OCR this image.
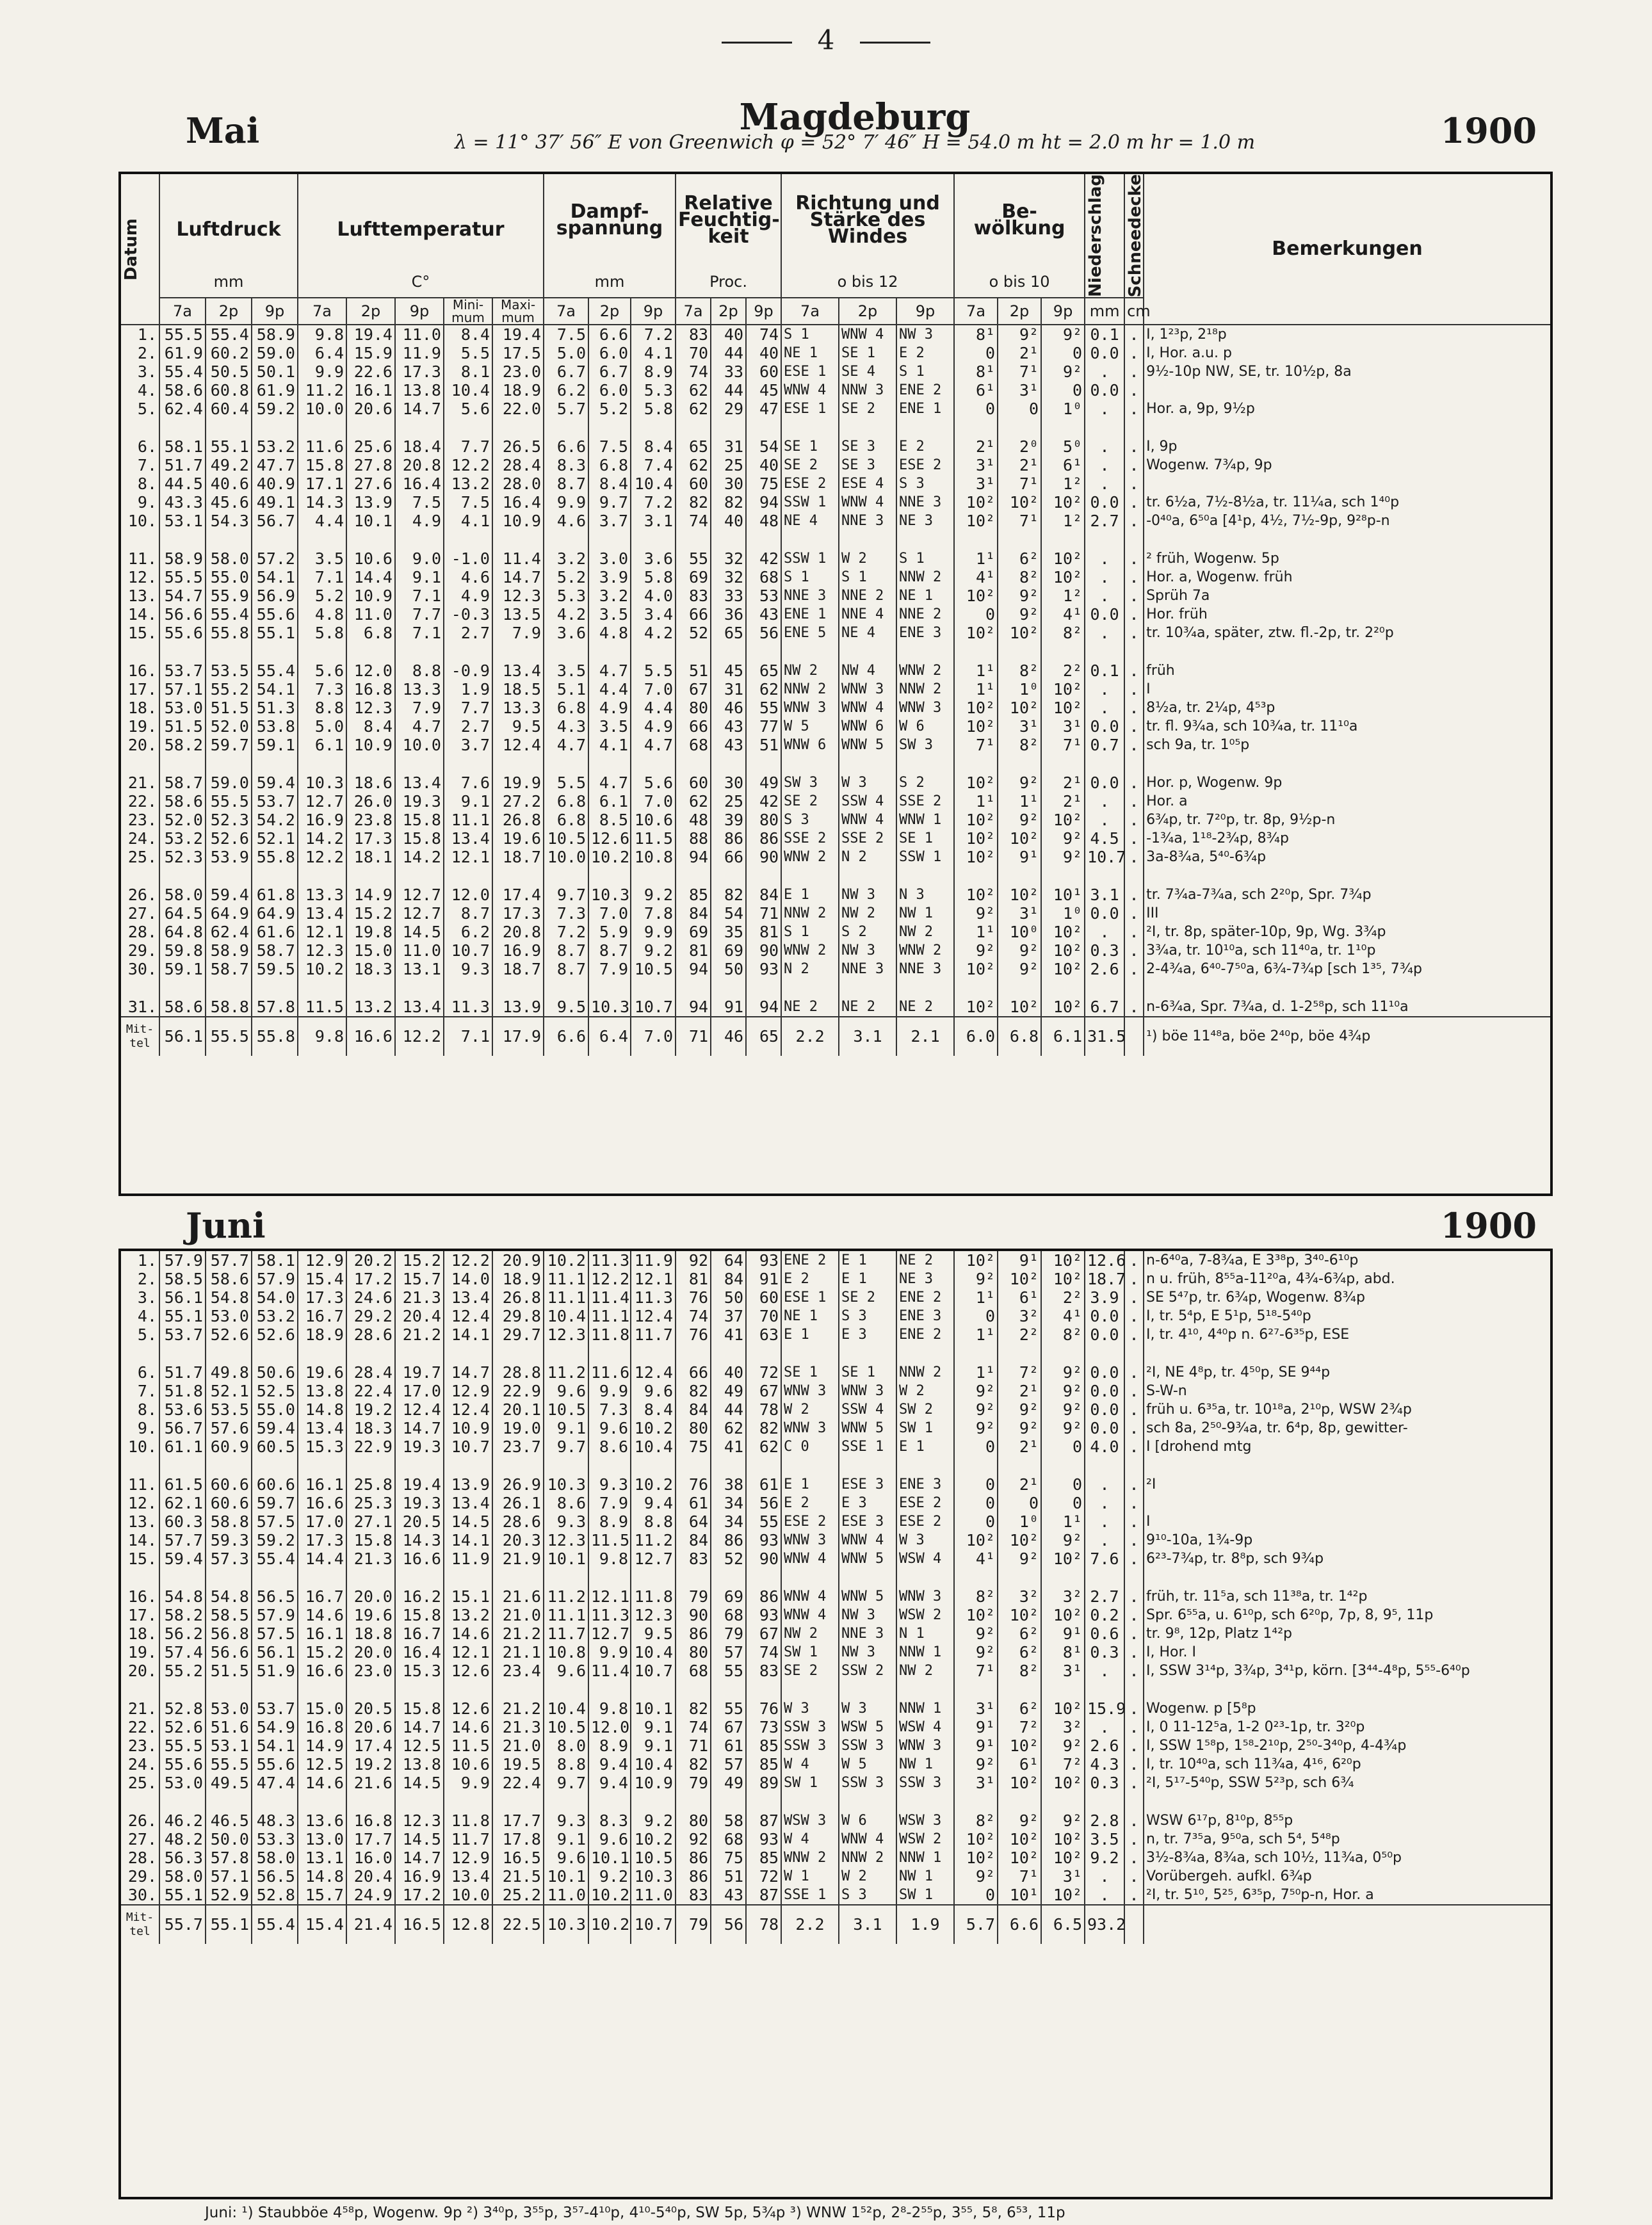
4
Mai	Magdeburg
λ = 11° 37′ 56″ E von Greenwich φ = 52° 7′ 46″ H = 54.0 m ht = 2.0 m hr = 1.0 m	1900
Datum	Luftdruck			Lufttemperatur					Dampf-spannung			Relative Feuchtig-keit			Richtung und Stärke des Windes			Be-wölkung			Niederschlag	Schneedecke	Bemerkungen
	mm			C°					mm			Proc.			o bis 12			o bis 10					
	7a	2p	9p	7a	2p	9p	Mini-mum	Maxi-mum	7a	2p	9p	7a	2p	9p	7a	2p	9p	7a	2p	9p	mm	cm	
1.	55.5	55.4	58.9	9.8	19.4	11.0	8.4	19.4	7.5	6.6	7.2	83	40	74	S 1	WNW 4	NW 3	8¹	9²	9²	0.1	.	I, 1²³p, 2¹⁸p
2.	61.9	60.2	59.0	6.4	15.9	11.9	5.5	17.5	5.0	6.0	4.1	70	44	40	NE 1	SE 1	E 2	0	2¹	0	0.0	.	I, Hor. a.u. p
3.	55.4	50.5	50.1	9.9	22.6	17.3	8.1	23.0	6.7	6.7	8.9	74	33	60	ESE 1	SE 4	S 1	8¹	7¹	9²	.	.	9½-10p NW, SE, tr. 10½p, 8a
4.	58.6	60.8	61.9	11.2	16.1	13.8	10.4	18.9	6.2	6.0	5.3	62	44	45	WNW 4	NNW 3	ENE 2	6¹	3¹	0	0.0	.	
5.	62.4	60.4	59.2	10.0	20.6	14.7	5.6	22.0	5.7	5.2	5.8	62	29	47	ESE 1	SE 2	ENE 1	0	0	1⁰	.	.	Hor. a, 9p, 9½p

6.	58.1	55.1	53.2	11.6	25.6	18.4	7.7	26.5	6.6	7.5	8.4	65	31	54	SE 1	SE 3	E 2	2¹	2⁰	5⁰	.	.	I, 9p
7.	51.7	49.2	47.7	15.8	27.8	20.8	12.2	28.4	8.3	6.8	7.4	62	25	40	SE 2	SE 3	ESE 2	3¹	2¹	6¹	.	.	Wogenw. 7¾p, 9p
8.	44.5	40.6	40.9	17.1	27.6	16.4	13.2	28.0	8.7	8.4	10.4	60	30	75	ESE 2	ESE 4	S 3	3¹	7¹	1²	.	.	
9.	43.3	45.6	49.1	14.3	13.9	7.5	7.5	16.4	9.9	9.7	7.2	82	82	94	SSW 1	WNW 4	NNE 3	10²	10²	10²	0.0	.	tr. 6½a, 7½-8½a, tr. 11¼a, sch 1⁴⁰p
10.	53.1	54.3	56.7	4.4	10.1	4.9	4.1	10.9	4.6	3.7	3.1	74	40	48	NE 4	NNE 3	NE 3	10²	7¹	1²	2.7	.	-0⁴⁰a, 6⁵⁰a [4¹p, 4½, 7½-9p, 9²⁸p-n

11.	58.9	58.0	57.2	3.5	10.6	9.0	-1.0	11.4	3.2	3.0	3.6	55	32	42	SSW 1	W 2	S 1	1¹	6²	10²	.	.	² früh, Wogenw. 5p
12.	55.5	55.0	54.1	7.1	14.4	9.1	4.6	14.7	5.2	3.9	5.8	69	32	68	S 1	S 1	NNW 2	4¹	8²	10²	.	.	Hor. a, Wogenw. früh
13.	54.7	55.9	56.9	5.2	10.9	7.1	4.9	12.3	5.3	3.2	4.0	83	33	53	NNE 3	NNE 2	NE 1	10²	9²	1²	.	.	Sprüh 7a
14.	56.6	55.4	55.6	4.8	11.0	7.7	-0.3	13.5	4.2	3.5	3.4	66	36	43	ENE 1	NNE 4	NNE 2	0	9²	4¹	0.0	.	Hor. früh
15.	55.6	55.8	55.1	5.8	6.8	7.1	2.7	7.9	3.6	4.8	4.2	52	65	56	ENE 5	NE 4	ENE 3	10²	10²	8²	.	.	tr. 10¾a, später, ztw. fl.-2p, tr. 2²⁰p

16.	53.7	53.5	55.4	5.6	12.0	8.8	-0.9	13.4	3.5	4.7	5.5	51	45	65	NW 2	NW 4	WNW 2	1¹	8²	2²	0.1	.	früh
17.	57.1	55.2	54.1	7.3	16.8	13.3	1.9	18.5	5.1	4.4	7.0	67	31	62	NNW 2	WNW 3	NNW 2	1¹	1⁰	10²	.	.	I
18.	53.0	51.5	51.3	8.8	12.3	7.9	7.7	13.3	6.8	4.9	4.4	80	46	55	WNW 3	WNW 4	WNW 3	10²	10²	10²	.	.	8½a, tr. 2¼p, 4⁵³p
19.	51.5	52.0	53.8	5.0	8.4	4.7	2.7	9.5	4.3	3.5	4.9	66	43	77	W 5	WNW 6	W 6	10²	3¹	3¹	0.0	.	tr. fl. 9¾a, sch 10¾a, tr. 11¹⁰a
20.	58.2	59.7	59.1	6.1	10.9	10.0	3.7	12.4	4.7	4.1	4.7	68	43	51	WNW 6	WNW 5	SW 3	7¹	8²	7¹	0.7	.	sch 9a, tr. 1⁰⁵p

21.	58.7	59.0	59.4	10.3	18.6	13.4	7.6	19.9	5.5	4.7	5.6	60	30	49	SW 3	W 3	S 2	10²	9²	2¹	0.0	.	Hor. p, Wogenw. 9p
22.	58.6	55.5	53.7	12.7	26.0	19.3	9.1	27.2	6.8	6.1	7.0	62	25	42	SE 2	SSW 4	SSE 2	1¹	1¹	2¹	.	.	Hor. a
23.	52.0	52.3	54.2	16.9	23.8	15.8	11.1	26.8	6.8	8.5	10.6	48	39	80	S 3	WNW 4	WNW 1	10²	9²	10²	.	.	6¾p, tr. 7²⁰p, tr. 8p, 9½p-n
24.	53.2	52.6	52.1	14.2	17.3	15.8	13.4	19.6	10.5	12.6	11.5	88	86	86	SSE 2	SSE 2	SE 1	10²	10²	9²	4.5	.	-1¾a, 1¹⁸-2¾p, 8¾p
25.	52.3	53.9	55.8	12.2	18.1	14.2	12.1	18.7	10.0	10.2	10.8	94	66	90	WNW 2	N 2	SSW 1	10²	9¹	9²	10.7	.	3a-8¾a, 5⁴⁰-6¾p

26.	58.0	59.4	61.8	13.3	14.9	12.7	12.0	17.4	9.7	10.3	9.2	85	82	84	E 1	NW 3	N 3	10²	10²	10¹	3.1	.	tr. 7¾a-7¾a, sch 2²⁰p, Spr. 7¾p
27.	64.5	64.9	64.9	13.4	15.2	12.7	8.7	17.3	7.3	7.0	7.8	84	54	71	NNW 2	NW 2	NW 1	9²	3¹	1⁰	0.0	.	III
28.	64.8	62.4	61.6	12.1	19.8	14.5	6.2	20.8	7.2	5.9	9.9	69	35	81	S 1	S 2	NW 2	1¹	10⁰	10²	.	.	²I, tr. 8p, später-10p, 9p, Wg. 3¾p
29.	59.8	58.9	58.7	12.3	15.0	11.0	10.7	16.9	8.7	8.7	9.2	81	69	90	WNW 2	NW 3	WNW 2	9²	9²	10²	0.3	.	3¾a, tr. 10¹⁰a, sch 11⁴⁰a, tr. 1¹⁰p
30.	59.1	58.7	59.5	10.2	18.3	13.1	9.3	18.7	8.7	7.9	10.5	94	50	93	N 2	NNE 3	NNE 3	10²	9²	10²	2.6	.	2-4¾a, 6⁴⁰-7⁵⁰a, 6¾-7¾p [sch 1³⁵, 7¾p

31.	58.6	58.8	57.8	11.5	13.2	13.4	11.3	13.9	9.5	10.3	10.7	94	91	94	NE 2	NE 2	NE 2	10²	10²	10²	6.7	.	n-6¾a, Spr. 7¾a, d. 1-2⁵⁸p, sch 11¹⁰a
Mit-tel	56.1	55.5	55.8	9.8	16.6	12.2	7.1	17.9	6.6	6.4	7.0	71	46	65	2.2	3.1	2.1	6.0	6.8	6.1	31.5		¹) böe 11⁴⁸a, böe 2⁴⁰p, böe 4¾p
Juni	1900
1.	57.9	57.7	58.1	12.9	20.2	15.2	12.2	20.9	10.2	11.3	11.9	92	64	93	ENE 2	E 1	NE 2	10²	9¹	10²	12.6	.	n-6⁴⁰a, 7-8¾a, E 3³⁸p, 3⁴⁰-6¹⁰p
2.	58.5	58.6	57.9	15.4	17.2	15.7	14.0	18.9	11.1	12.2	12.1	81	84	91	E 2	E 1	NE 3	9²	10²	10²	18.7	.	n u. früh, 8⁵⁵a-11²⁰a, 4¾-6¾p, abd.
3.	56.1	54.8	54.0	17.3	24.6	21.3	13.4	26.8	11.1	11.4	11.3	76	50	60	ESE 1	SE 2	ENE 2	1¹	6¹	2²	3.9	.	SE 5⁴⁷p, tr. 6¾p, Wogenw. 8¾p
4.	55.1	53.0	53.2	16.7	29.2	20.4	12.4	29.8	10.4	11.1	12.4	74	37	70	NE 1	S 3	ENE 3	0	3²	4¹	0.0	.	I, tr. 5⁴p, E 5¹p, 5¹⁸-5⁴⁰p
5.	53.7	52.6	52.6	18.9	28.6	21.2	14.1	29.7	12.3	11.8	11.7	76	41	63	E 1	E 3	ENE 2	1¹	2²	8²	0.0	.	I, tr. 4¹⁰, 4⁴⁰p n. 6²⁷-6³⁵p, ESE

6.	51.7	49.8	50.6	19.6	28.4	19.7	14.7	28.8	11.2	11.6	12.4	66	40	72	SE 1	SE 1	NNW 2	1¹	7²	9²	0.0	.	²I, NE 4⁸p, tr. 4⁵⁰p, SE 9⁴⁴p
7.	51.8	52.1	52.5	13.8	22.4	17.0	12.9	22.9	9.6	9.9	9.6	82	49	67	WNW 3	WNW 3	W 2	9²	2¹	9²	0.0	.	S-W-n
8.	53.6	53.5	55.0	14.8	19.2	12.4	12.4	20.1	10.5	7.3	8.4	84	44	78	W 2	SSW 4	SW 2	9²	9²	9²	0.0	.	früh u. 6³⁵a, tr. 10¹⁸a, 2¹⁰p, WSW 2¾p
9.	56.7	57.6	59.4	13.4	18.3	14.7	10.9	19.0	9.1	9.6	10.2	80	62	82	WNW 3	WNW 5	SW 1	9²	9²	9²	0.0	.	sch 8a, 2⁵⁰-9¾a, tr. 6⁴p, 8p, gewitter-
10.	61.1	60.9	60.5	15.3	22.9	19.3	10.7	23.7	9.7	8.6	10.4	75	41	62	C 0	SSE 1	E 1	0	2¹	0	4.0	.	I [drohend mtg

11.	61.5	60.6	60.6	16.1	25.8	19.4	13.9	26.9	10.3	9.3	10.2	76	38	61	E 1	ESE 3	ENE 3	0	2¹	0	.	.	²I
12.	62.1	60.6	59.7	16.6	25.3	19.3	13.4	26.1	8.6	7.9	9.4	61	34	56	E 2	E 3	ESE 2	0	0	0	.	.	
13.	60.3	58.8	57.5	17.0	27.1	20.5	14.5	28.6	9.3	8.9	8.8	64	34	55	ESE 2	ESE 3	ESE 2	0	1⁰	1¹	.	.	I
14.	57.7	59.3	59.2	17.3	15.8	14.3	14.1	20.3	12.3	11.5	11.2	84	86	93	WNW 3	WNW 4	W 3	10²	10²	9²	.	.	9¹⁰-10a, 1¾-9p
15.	59.4	57.3	55.4	14.4	21.3	16.6	11.9	21.9	10.1	9.8	12.7	83	52	90	WNW 4	WNW 5	WSW 4	4¹	9²	10²	7.6	.	6²³-7¾p, tr. 8⁸p, sch 9¾p

16.	54.8	54.8	56.5	16.7	20.0	16.2	15.1	21.6	11.2	12.1	11.8	79	69	86	WNW 4	WNW 5	WNW 3	8²	3²	3²	2.7	.	früh, tr. 11⁵a, sch 11³⁸a, tr. 1⁴²p
17.	58.2	58.5	57.9	14.6	19.6	15.8	13.2	21.0	11.1	11.3	12.3	90	68	93	WNW 4	NW 3	WSW 2	10²	10²	10²	0.2	.	Spr. 6⁵⁵a, u. 6¹⁰p, sch 6²⁰p, 7p, 8, 9⁵, 11p
18.	56.2	56.8	57.5	16.1	18.8	16.7	14.6	21.2	11.7	12.7	9.5	86	79	67	NW 2	NNE 3	N 1	9²	6²	9¹	0.6	.	tr. 9⁸, 12p, Platz 1⁴²p
19.	57.4	56.6	56.1	15.2	20.0	16.4	12.1	21.1	10.8	9.9	10.4	80	57	74	SW 1	NW 3	NNW 1	9²	6²	8¹	0.3	.	I, Hor. I
20.	55.2	51.5	51.9	16.6	23.0	15.3	12.6	23.4	9.6	11.4	10.7	68	55	83	SE 2	SSW 2	NW 2	7¹	8²	3¹	.	.	I, SSW 3¹⁴p, 3¾p, 3⁴¹p, körn. [3⁴⁴-4⁸p, 5⁵⁵-6⁴⁰p

21.	52.8	53.0	53.7	15.0	20.5	15.8	12.6	21.2	10.4	9.8	10.1	82	55	76	W 3	W 3	NNW 1	3¹	6²	10²	15.9	.	Wogenw. p [5⁸p
22.	52.6	51.6	54.9	16.8	20.6	14.7	14.6	21.3	10.5	12.0	9.1	74	67	73	SSW 3	WSW 5	WSW 4	9¹	7²	3²	.	.	I, 0 11-12⁵a, 1-2 0²³-1p, tr. 3²⁰p
23.	55.5	53.1	54.1	14.9	17.4	12.5	11.5	21.0	8.0	8.9	9.1	71	61	85	SSW 3	SSW 3	WNW 3	9¹	10²	9²	2.6	.	I, SSW 1⁵⁸p, 1⁵⁸-2¹⁰p, 2⁵⁰-3⁴⁰p, 4-4¾p
24.	55.6	55.5	55.6	12.5	19.2	13.8	10.6	19.5	8.8	9.4	10.4	82	57	85	W 4	W 5	NW 1	9²	6¹	7²	4.3	.	I, tr. 10⁴⁰a, sch 11¾a, 4¹⁶, 6²⁰p
25.	53.0	49.5	47.4	14.6	21.6	14.5	9.9	22.4	9.7	9.4	10.9	79	49	89	SW 1	SSW 3	SSW 3	3¹	10²	10²	0.3	.	²I, 5¹⁷-5⁴⁰p, SSW 5²³p, sch 6¾

26.	46.2	46.5	48.3	13.6	16.8	12.3	11.8	17.7	9.3	8.3	9.2	80	58	87	WSW 3	W 6	WSW 3	8²	9²	9²	2.8	.	WSW 6¹⁷p, 8¹⁰p, 8⁵⁵p
27.	48.2	50.0	53.3	13.0	17.7	14.5	11.7	17.8	9.1	9.6	10.2	92	68	93	W 4	WNW 4	WSW 2	10²	10²	10²	3.5	.	n, tr. 7³⁵a, 9⁵⁰a, sch 5⁴, 5⁴⁸p
28.	56.3	57.8	58.0	13.1	16.0	14.7	12.9	16.5	9.6	10.1	10.5	86	75	85	WNW 2	NNW 2	NNW 1	10²	10²	10²	9.2	.	3½-8¾a, 8¾a, sch 10½, 11¾a, 0⁵⁰p
29.	58.0	57.1	56.5	14.8	20.4	16.9	13.4	21.5	10.1	9.2	10.3	86	51	72	W 1	W 2	NW 1	9²	7¹	3¹	.	.	Vorübergeh. aufkl. 6¾p
30.	55.1	52.9	52.8	15.7	24.9	17.2	10.0	25.2	11.0	10.2	11.0	83	43	87	SSE 1	S 3	SW 1	0	10¹	10²	.	.	²I, tr. 5¹⁰, 5²⁵, 6³⁵p, 7⁵⁰p-n, Hor. a
Mit-tel	55.7	55.1	55.4	15.4	21.4	16.5	12.8	22.5	10.3	10.2	10.7	79	56	78	2.2	3.1	1.9	5.7	6.6	6.5	93.2		
Juni: ¹) Staubböe 4⁵⁸p, Wogenw. 9p ²) 3⁴⁰p, 3⁵⁵p, 3⁵⁷-4¹⁰p, 4¹⁰-5⁴⁰p, SW 5p, 5¾p ³) WNW 1⁵²p, 2⁸-2⁵⁵p, 3⁵⁵, 5⁸, 6⁵³, 11p
